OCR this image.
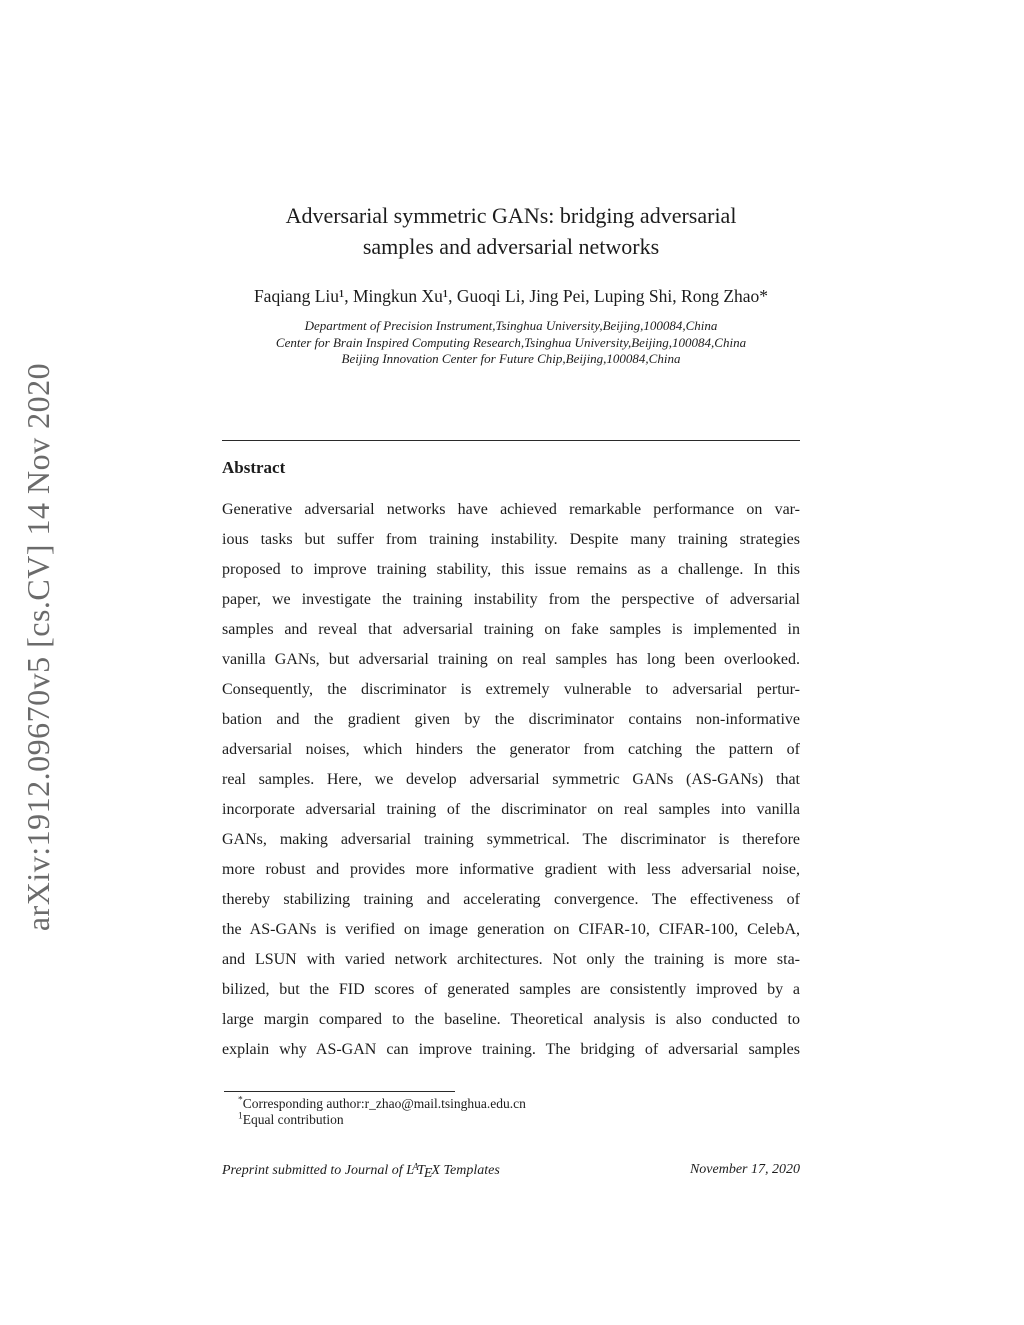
arXiv:1912.09670v5 [cs.CV] 14 Nov 2020
Adversarial symmetric GANs: bridging adversarial
samples and adversarial networks
Faqiang Liu¹, Mingkun Xu¹, Guoqi Li, Jing Pei, Luping Shi, Rong Zhao*
Department of Precision Instrument,Tsinghua University,Beijing,100084,China
Center for Brain Inspired Computing Research,Tsinghua University,Beijing,100084,China
Beijing Innovation Center for Future Chip,Beijing,100084,China
Abstract
Generative adversarial networks have achieved remarkable performance on var-
ious tasks but suffer from training instability. Despite many training strategies
proposed to improve training stability, this issue remains as a challenge. In this
paper, we investigate the training instability from the perspective of adversarial
samples and reveal that adversarial training on fake samples is implemented in
vanilla GANs, but adversarial training on real samples has long been overlooked.
Consequently, the discriminator is extremely vulnerable to adversarial pertur-
bation and the gradient given by the discriminator contains non-informative
adversarial noises, which hinders the generator from catching the pattern of
real samples. Here, we develop adversarial symmetric GANs (AS-GANs) that
incorporate adversarial training of the discriminator on real samples into vanilla
GANs, making adversarial training symmetrical. The discriminator is therefore
more robust and provides more informative gradient with less adversarial noise,
thereby stabilizing training and accelerating convergence. The effectiveness of
the AS-GANs is verified on image generation on CIFAR-10, CIFAR-100, CelebA,
and LSUN with varied network architectures. Not only the training is more sta-
bilized, but the FID scores of generated samples are consistently improved by a
large margin compared to the baseline. Theoretical analysis is also conducted to
explain why AS-GAN can improve training. The bridging of adversarial samples
*Corresponding author:r_zhao@mail.tsinghua.edu.cn
$^1$Equal contribution
Preprint submitted to Journal of $L^ATEX$ Templates	November 17, 2020
